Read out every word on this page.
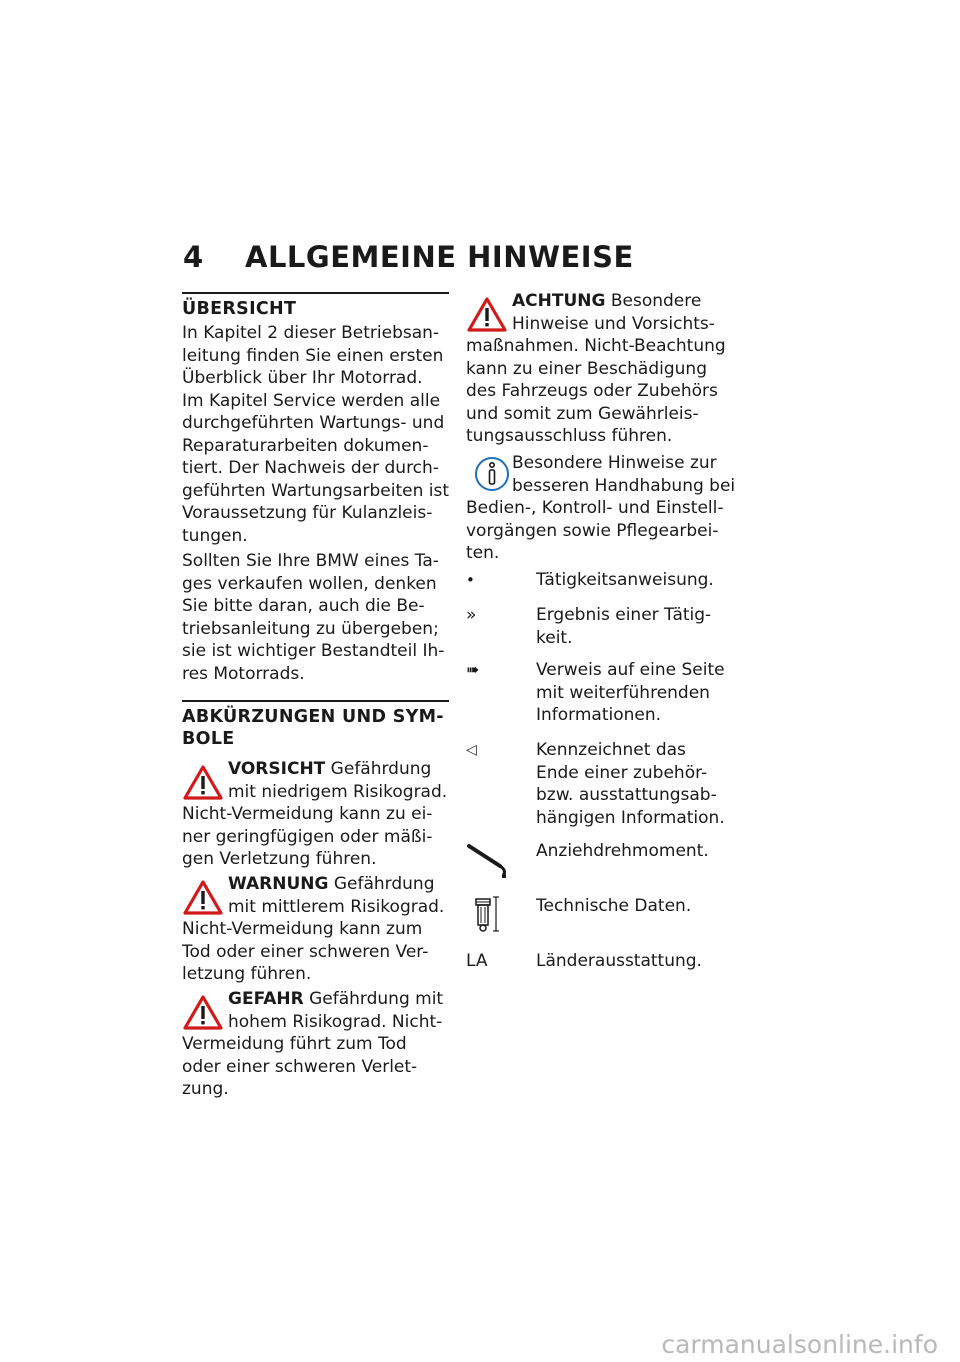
4 ALLGEMEINE HINWEISE
ÜBERSICHT

In Kapitel 2 dieser Betriebsan-

leitung finden Sie einen ersten

Überblick über Ihr Motorrad.

Im Kapitel Service werden alle

durchgeführten Wartungs- und

Reparaturarbeiten dokumen-

tiert. Der Nachweis der durch-

geführten Wartungsarbeiten ist

Voraussetzung für Kulanzleis-

tungen.

Sollten Sie Ihre BMW eines Ta-

ges verkaufen wollen, denken

Sie bitte daran, auch die Be-

triebsanleitung zu übergeben;

sie ist wichtiger Bestandteil Ih-

res Motorrads.

ABKÜRZUNGEN UND SYM-
BOLE
VORSICHT Gefährdung
mit niedrigem Risikograd.
Nicht-Vermeidung kann zu ei-
ner geringfügigen oder mäßi-
gen Verletzung führen.
WARNUNG Gefährdung
mit mittlerem Risikograd.
Nicht-Vermeidung kann zum
Tod oder einer schweren Ver-
letzung führen.
GEFAHR Gefährdung mit
hohem Risikograd. Nicht-
Vermeidung führt zum Tod
oder einer schweren Verlet-
zung.
ACHTUNG Besondere
Hinweise und Vorsichts-
maßnahmen. Nicht-Beachtung
kann zu einer Beschädigung
des Fahrzeugs oder Zubehörs
und somit zum Gewährleis-
tungsausschluss führen.
Besondere Hinweise zur
besseren Handhabung bei
Bedien-, Kontroll- und Einstell-
vorgängen sowie Pflegearbei-
ten.
•	Tätigkeitsanweisung.
»	Ergebnis einer Tätig-
keit.
➠	Verweis auf eine Seite
mit weiterführenden
Informationen.
◁	Kennzeichnet das
Ende einer zubehör-
bzw. ausstattungsab-
hängigen Information.
Anziehdrehmoment.
Technische Daten.
LA	Länderausstattung.
carmanualsonline.info
